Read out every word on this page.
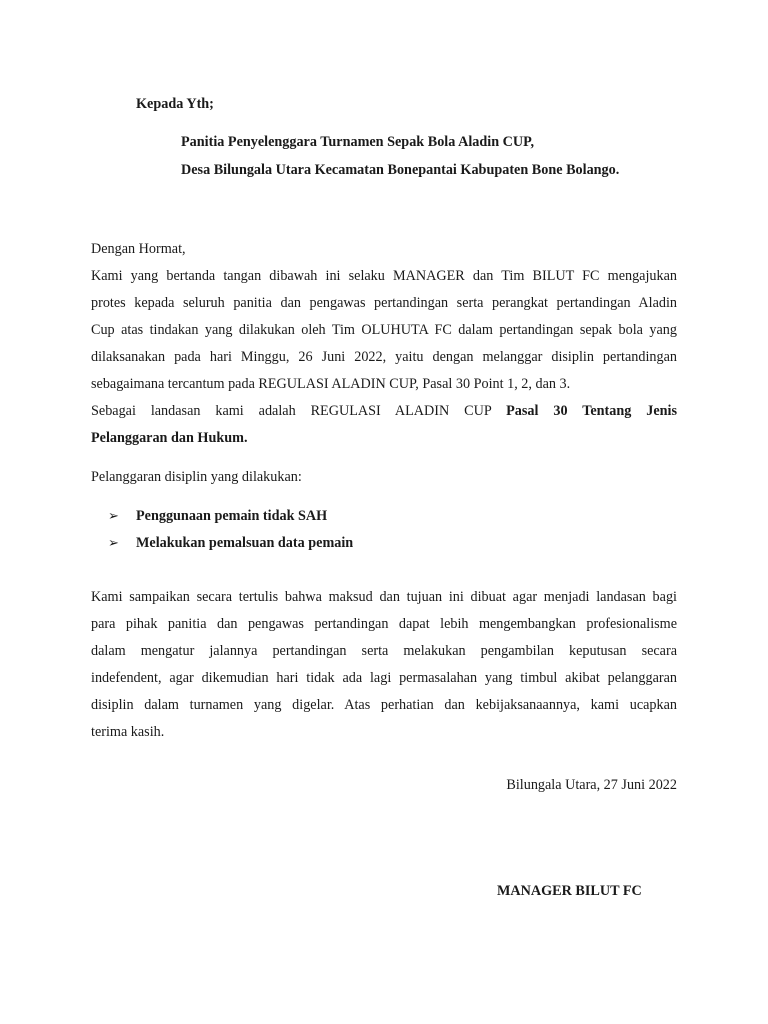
Kepada Yth;
Panitia Penyelenggara Turnamen Sepak Bola Aladin CUP,
Desa Bilungala Utara Kecamatan Bonepantai Kabupaten Bone Bolango.
Dengan Hormat,
Kami yang bertanda tangan dibawah ini selaku MANAGER dan Tim BILUT FC mengajukan
protes kepada seluruh panitia dan pengawas pertandingan serta perangkat pertandingan Aladin
Cup atas tindakan yang dilakukan oleh Tim OLUHUTA FC dalam pertandingan sepak bola yang
dilaksanakan pada hari Minggu, 26 Juni 2022, yaitu dengan melanggar disiplin pertandingan
sebagaimana tercantum pada REGULASI ALADIN CUP, Pasal 30 Point 1, 2, dan 3.
Sebagai landasan kami adalah REGULASI ALADIN CUP Pasal 30 Tentang Jenis
Pelanggaran dan Hukum.
Pelanggaran disiplin yang dilakukan:
➢ Penggunaan pemain tidak SAH
➢ Melakukan pemalsuan data pemain
Kami sampaikan secara tertulis bahwa maksud dan tujuan ini dibuat agar menjadi landasan bagi
para pihak panitia dan pengawas pertandingan dapat lebih mengembangkan profesionalisme
dalam mengatur jalannya pertandingan serta melakukan pengambilan keputusan secara
indefendent, agar dikemudian hari tidak ada lagi permasalahan yang timbul akibat pelanggaran
disiplin dalam turnamen yang digelar. Atas perhatian dan kebijaksanaannya, kami ucapkan
terima kasih.
Bilungala Utara, 27 Juni 2022
MANAGER BILUT FC
